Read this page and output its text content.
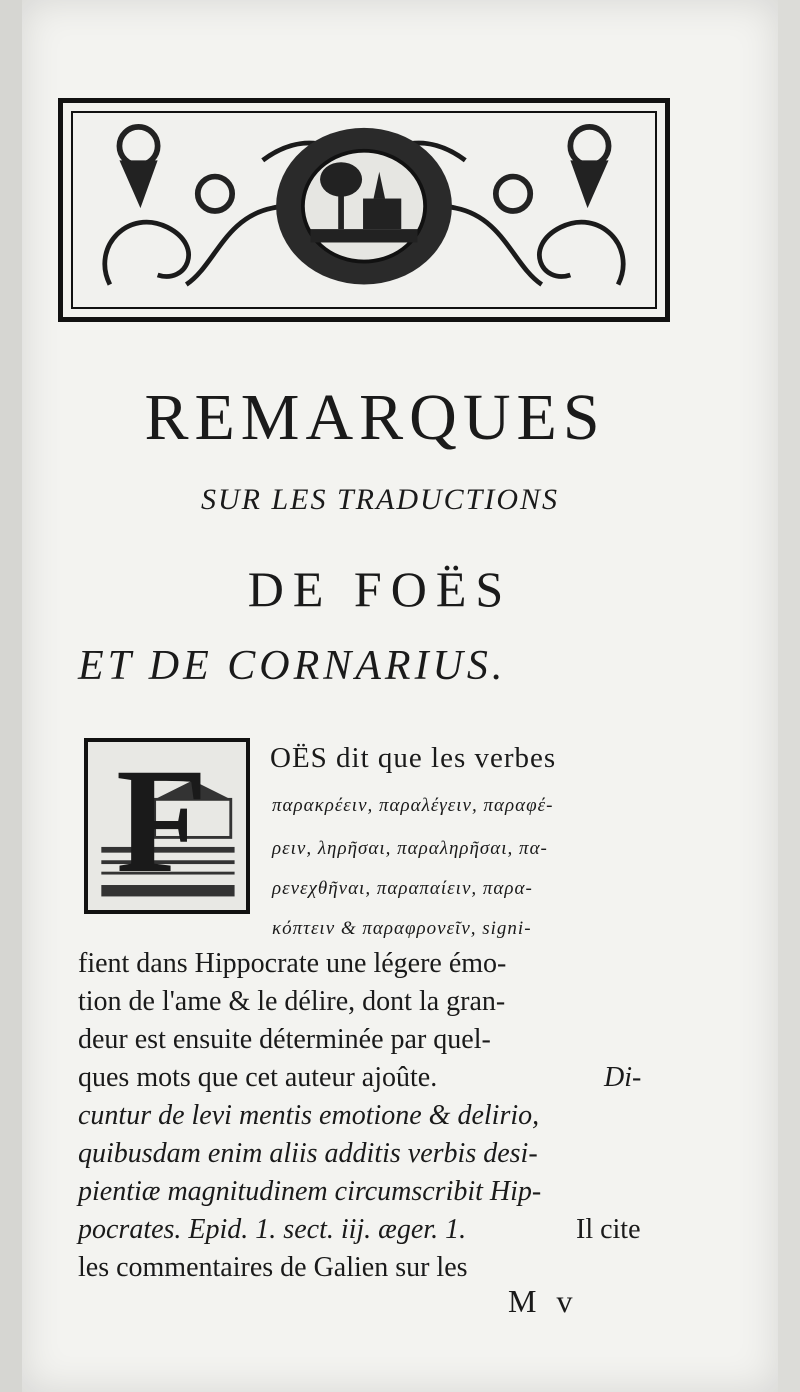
REMARQUES
SUR LES TRADUCTIONS
DE FOËS
ET DE CORNARIUS.
F OËS dit que les verbes
παρακρέειν, παραλέγειν, παραφέ-
ρειν, ληρῆσαι, παραληρῆσαι, πα-
ρενεχθῆναι, παραπαίειν, παρα-
κόπτειν & παραφρονεῖν, signi-
fient dans Hippocrate une légere émo-
tion de l'ame & le délire, dont la gran-
deur est ensuite déterminée par quel-
ques mots que cet auteur ajoûte.	Di-
cuntur de levi mentis emotione & delirio,
quibusdam enim aliis additis verbis desi-
pientiæ magnitudinem circumscribit Hip-
pocrates. Epid. 1. sect. iij. æger. 1.	Il cite
les commentaires de Galien sur les
M v
